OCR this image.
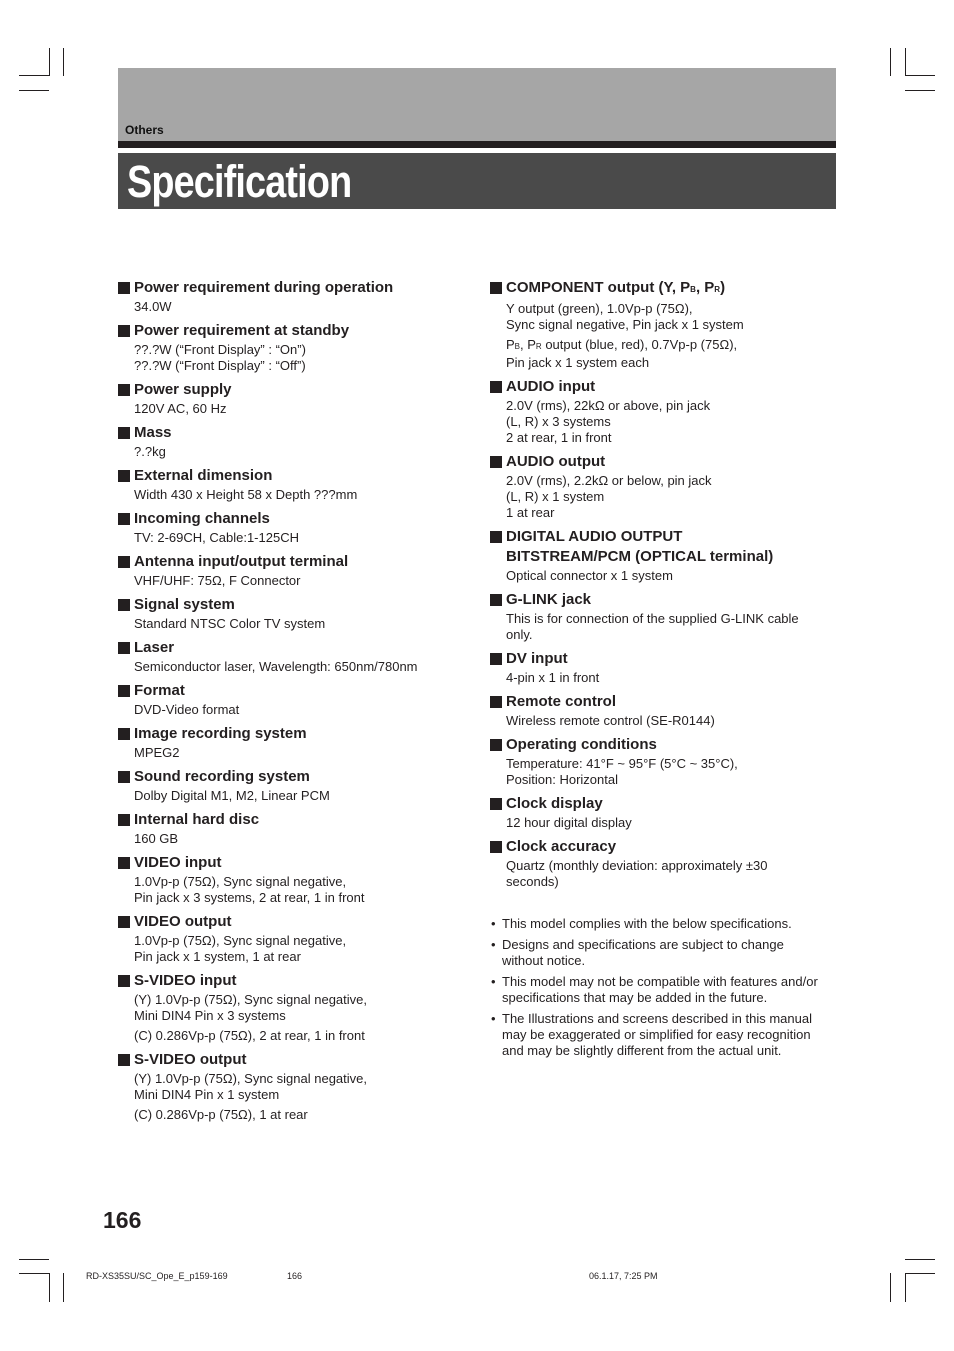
Others
Specification
Power requirement during operation
34.0W
Power requirement at standby
??.?W (“Front Display” : “On”)
??.?W (“Front Display” : “Off”)
Power supply
120V AC, 60 Hz
Mass
?.?kg
External dimension
Width 430 x Height 58 x Depth ???mm
Incoming channels
TV: 2-69CH, Cable:1-125CH
Antenna input/output terminal
VHF/UHF: 75Ω, F Connector
Signal system
Standard NTSC Color TV system
Laser
Semiconductor laser, Wavelength: 650nm/780nm
Format
DVD-Video format
Image recording system
MPEG2
Sound recording system
Dolby Digital M1, M2, Linear PCM
Internal hard disc
160 GB
VIDEO input
1.0Vp-p (75Ω), Sync signal negative,
Pin jack x 3 systems, 2 at rear, 1 in front
VIDEO output
1.0Vp-p (75Ω), Sync signal negative,
Pin jack x 1 system, 1 at rear
S-VIDEO input
(Y) 1.0Vp-p (75Ω), Sync signal negative,
Mini DIN4 Pin x 3 systems
(C) 0.286Vp-p (75Ω), 2 at rear, 1 in front
S-VIDEO output
(Y) 1.0Vp-p (75Ω), Sync signal negative,
Mini DIN4 Pin x 1 system
(C) 0.286Vp-p (75Ω), 1 at rear
COMPONENT output (Y, PB, PR)
Y output (green), 1.0Vp-p (75Ω),
Sync signal negative, Pin jack x 1 system
PB, PR output (blue, red), 0.7Vp-p (75Ω),
Pin jack x 1 system each
AUDIO input
2.0V (rms), 22kΩ or above, pin jack
(L, R) x 3 systems
2 at rear, 1 in front
AUDIO output
2.0V (rms), 2.2kΩ or below, pin jack
(L, R) x 1 system
1 at rear
DIGITAL AUDIO OUTPUT
BITSTREAM/PCM (OPTICAL terminal)
Optical connector x 1 system
G-LINK jack
This is for connection of the supplied G-LINK cable
only.
DV input
4-pin x 1 in front
Remote control
Wireless remote control (SE-R0144)
Operating conditions
Temperature: 41°F ~ 95°F (5°C ~ 35°C),
Position: Horizontal
Clock display
12 hour digital display
Clock accuracy
Quartz (monthly deviation: approximately ±30
seconds)
• This model complies with the below specifications.
• Designs and specifications are subject to change
without notice.
• This model may not be compatible with features and/or
specifications that may be added in the future.
• The Illustrations and screens described in this manual
may be exaggerated or simplified for easy recognition
and may be slightly different from the actual unit.
166
RD-XS35SU/SC_Ope_E_p159-169	166	06.1.17, 7:25 PM
